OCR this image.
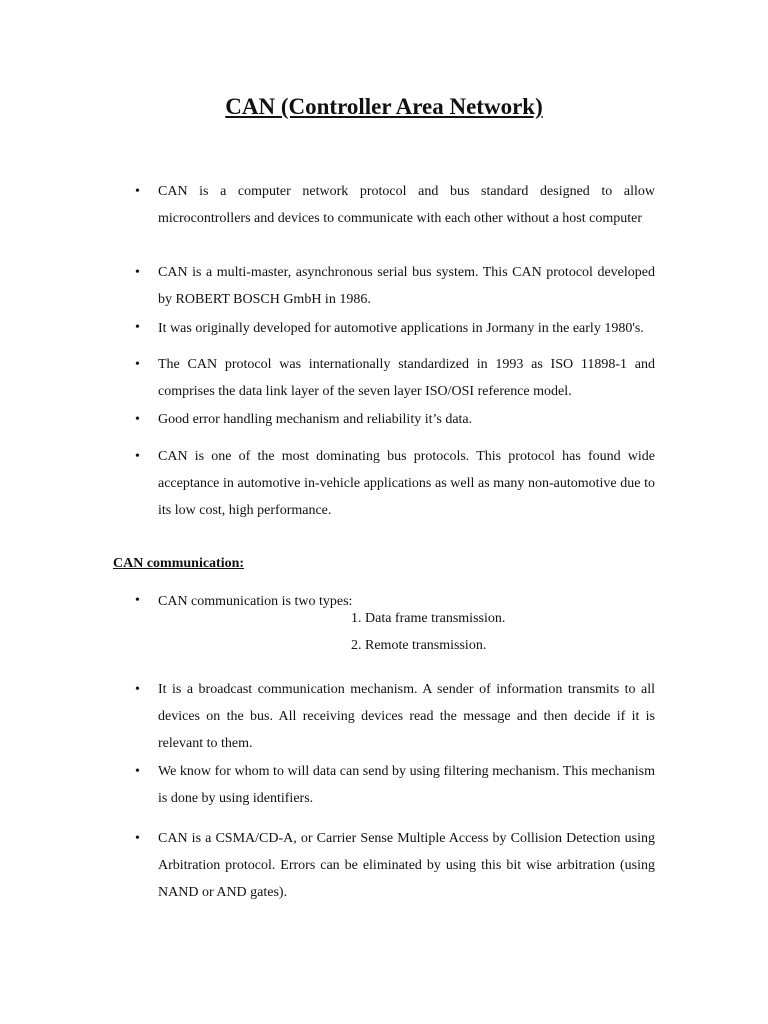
CAN (Controller Area Network)
• CAN is a computer network protocol and bus standard designed to allow microcontrollers and devices to communicate with each other without a host computer
• CAN is a multi-master, asynchronous serial bus system. This CAN protocol developed by ROBERT BOSCH GmbH in 1986.
• It was originally developed for automotive applications in Jormany in the early 1980's.
• The CAN protocol was internationally standardized in 1993 as ISO 11898-1 and comprises the data link layer of the seven layer ISO/OSI reference model.
• Good error handling mechanism and reliability it’s data.
• CAN is one of the most dominating bus protocols. This protocol has found wide acceptance in automotive in-vehicle applications as well as many non-automotive due to its low cost, high performance.
CAN communication:
• CAN communication is two types:
1. Data frame transmission.
2. Remote transmission.
• It is a broadcast communication mechanism. A sender of information transmits to all devices on the bus. All receiving devices read the message and then decide if it is relevant to them.
• We know for whom to will data can send by using filtering mechanism. This mechanism is done by using identifiers.
• CAN is a CSMA/CD-A, or Carrier Sense Multiple Access by Collision Detection using Arbitration protocol. Errors can be eliminated by using this bit wise arbitration (using NAND or AND gates).
